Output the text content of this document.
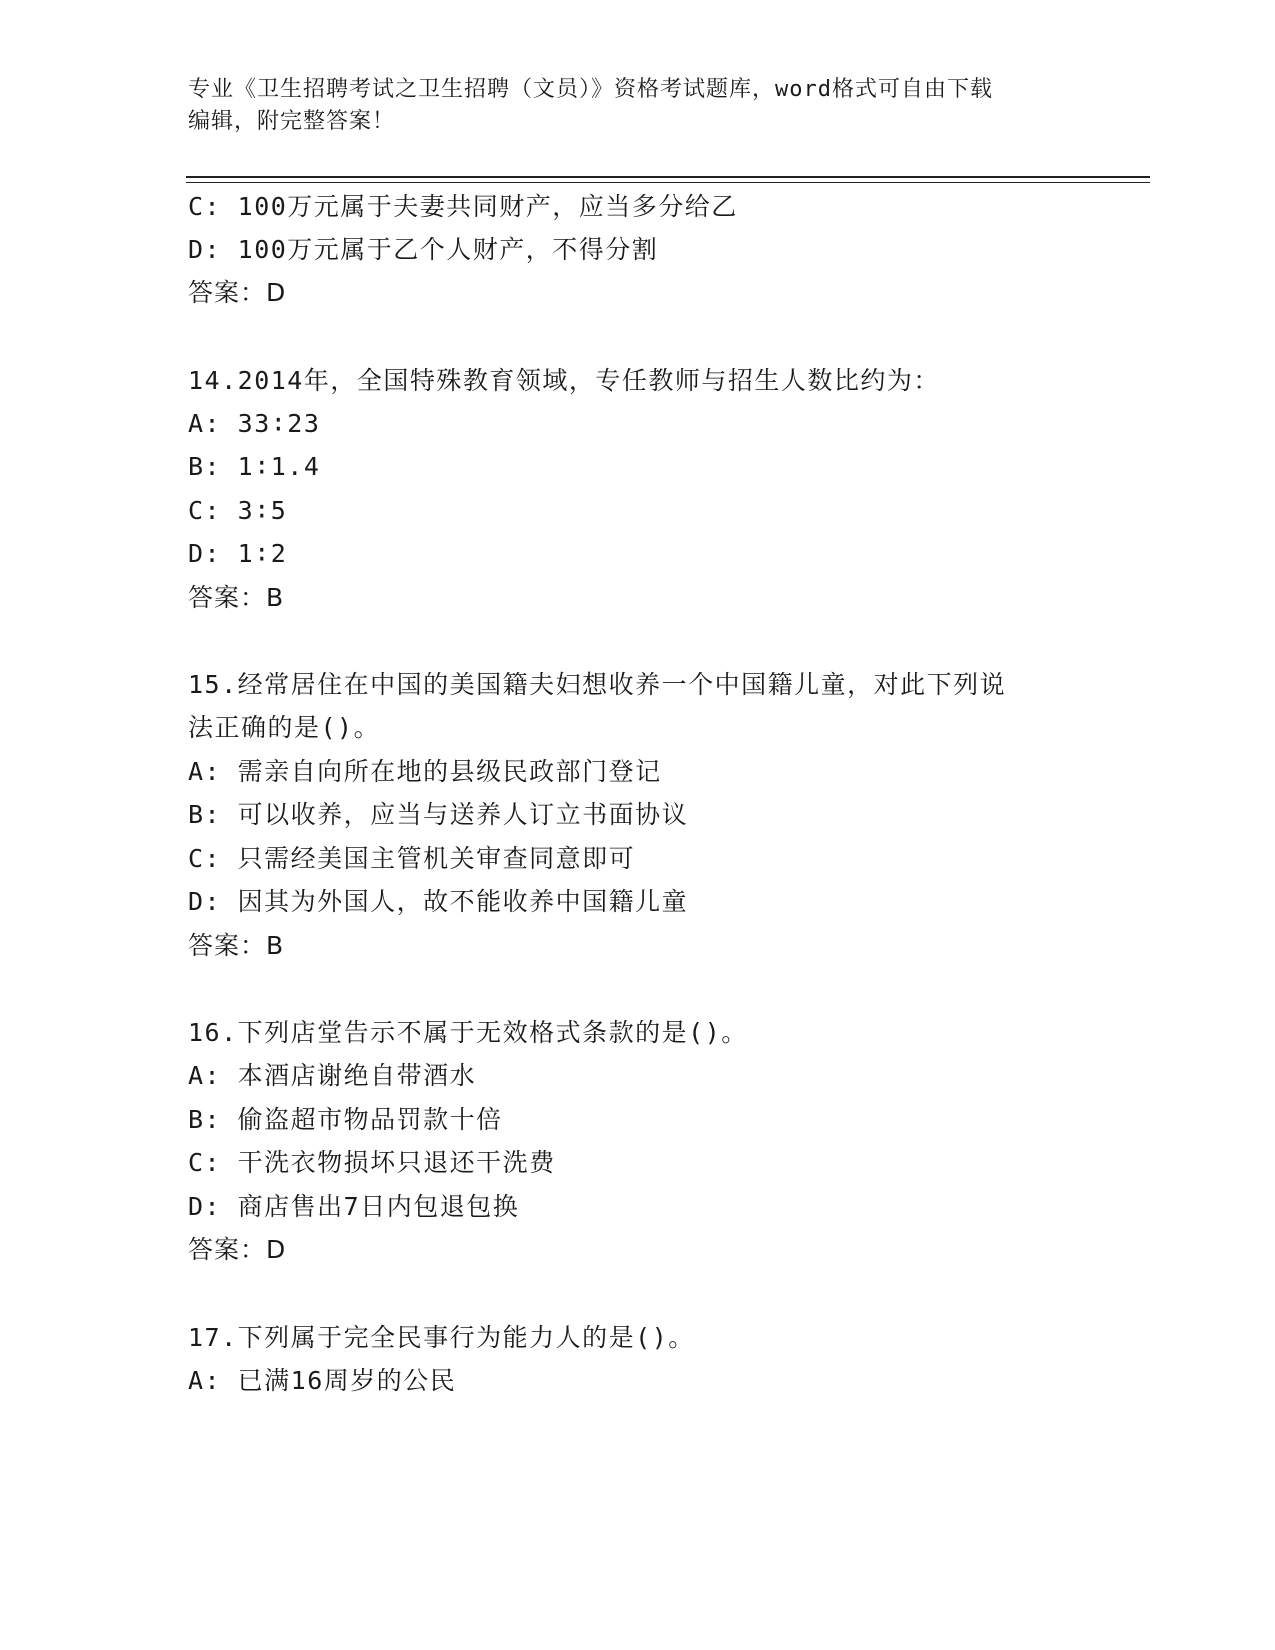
专业《卫生招聘考试之卫生招聘（文员）》资格考试题库，word格式可自由下载
编辑，附完整答案！
C: 100万元属于夫妻共同财产，应当多分给乙
D: 100万元属于乙个人财产，不得分割
答案：D
14.2014年，全国特殊教育领域，专任教师与招生人数比约为：
A: 33∶23
B: 1∶1.4
C: 3∶5
D: 1∶2
答案：B
15.经常居住在中国的美国籍夫妇想收养一个中国籍儿童，对此下列说
法正确的是()。
A: 需亲自向所在地的县级民政部门登记
B: 可以收养，应当与送养人订立书面协议
C: 只需经美国主管机关审查同意即可
D: 因其为外国人，故不能收养中国籍儿童
答案：B
16.下列店堂告示不属于无效格式条款的是()。
A: 本酒店谢绝自带酒水
B: 偷盗超市物品罚款十倍
C: 干洗衣物损坏只退还干洗费
D: 商店售出7日内包退包换
答案：D
17.下列属于完全民事行为能力人的是()。
A: 已满16周岁的公民
